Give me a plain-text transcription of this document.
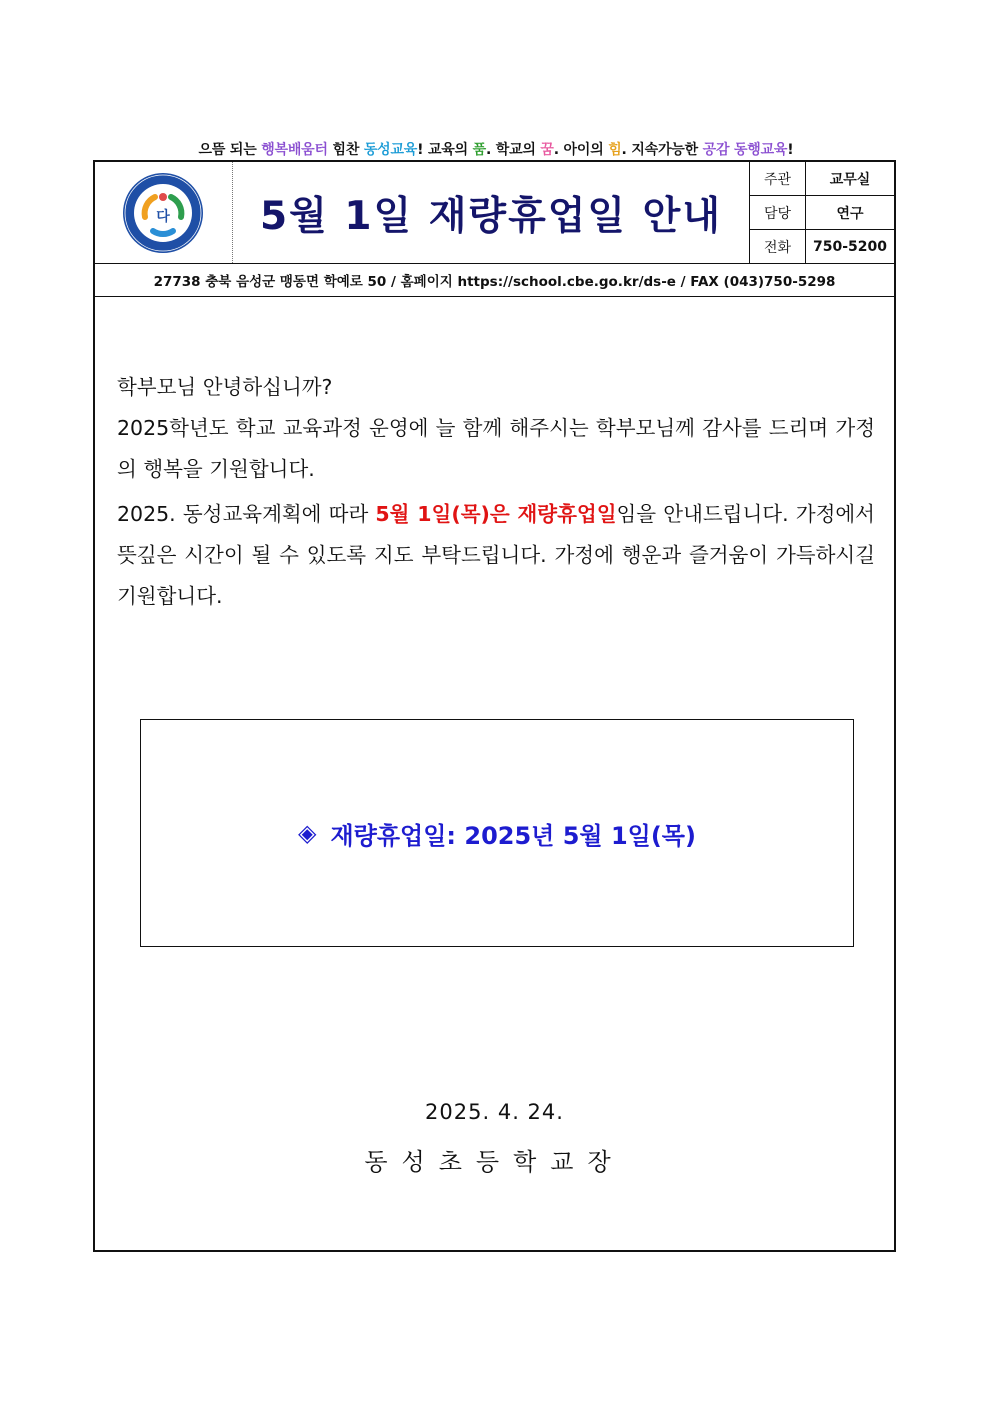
으뜸 되는 행복배움터 힘찬 동성교육! 교육의 품. 학교의 꿈. 아이의 힘. 지속가능한 공감 동행교육!
다	5월 1일 재량휴업일 안내
주관	교무실
담당	연구
전화	750-5200
27738 충북 음성군 맹동면 학예로 50 / 홈페이지 https://school.cbe.go.kr/ds-e / FAX (043)750-5298

학부모님 안녕하십니까?

2025학년도 학교 교육과정 운영에 늘 함께 해주시는 학부모님께 감사를 드리며 가정의 행복을 기원합니다.

2025. 동성교육계획에 따라 5월 1일(목)은 재량휴업일임을 안내드립니다. 가정에서 뜻깊은 시간이 될 수 있도록 지도 부탁드립니다. 가정에 행운과 즐거움이 가득하시길 기원합니다.

◈ 재량휴업일: 2025년 5월 1일(목)
2025. 4. 24.
동성초등학교장
